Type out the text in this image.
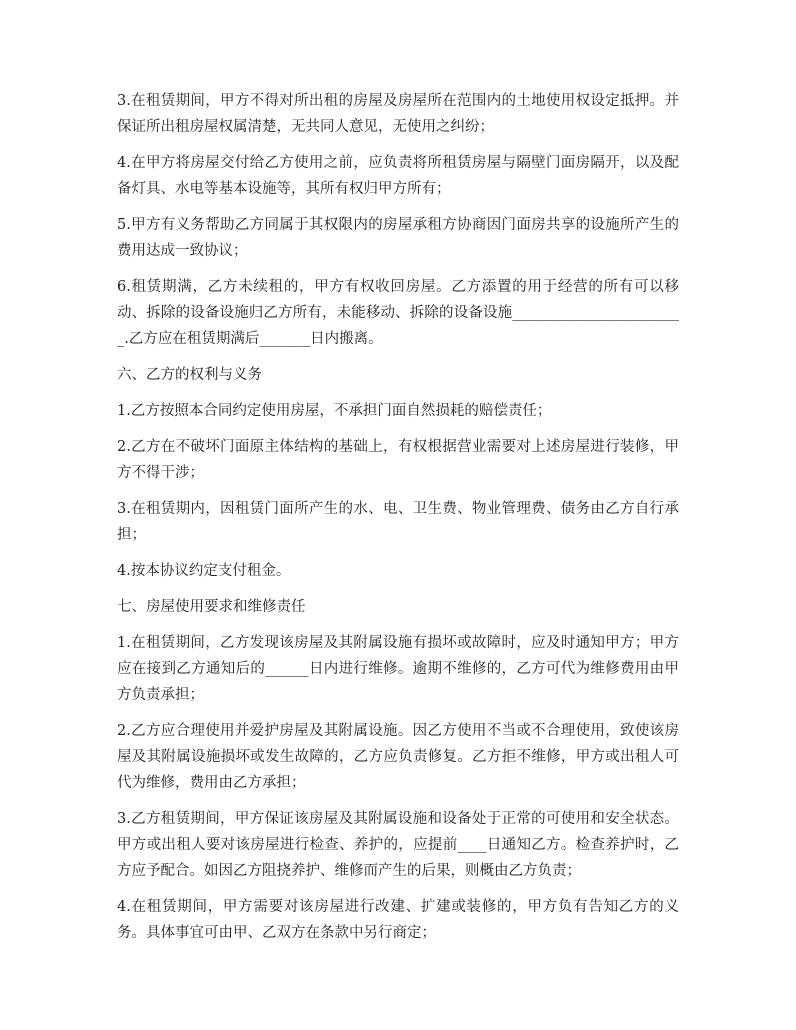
3.在租赁期间，甲方不得对所出租的房屋及房屋所在范围内的土地使用权设定抵押。并保证所出租房屋权属清楚，无共同人意见，无使用之纠纷；

4.在甲方将房屋交付给乙方使用之前，应负责将所租赁房屋与隔壁门面房隔开，以及配备灯具、水电等基本设施等，其所有权归甲方所有；

5.甲方有义务帮助乙方同属于其权限内的房屋承租方协商因门面房共享的设施所产生的费用达成一致协议；

6.租赁期满，乙方未续租的，甲方有权收回房屋。乙方添置的用于经营的所有可以移动、拆除的设备设施归乙方所有，未能移动、拆除的设备设施________________________.乙方应在租赁期满后_______日内搬离。

六、乙方的权利与义务

1.乙方按照本合同约定使用房屋，不承担门面自然损耗的赔偿责任；

2.乙方在不破坏门面原主体结构的基础上，有权根据营业需要对上述房屋进行装修，甲方不得干涉；

3.在租赁期内，因租赁门面所产生的水、电、卫生费、物业管理费、债务由乙方自行承担；

4.按本协议约定支付租金。

七、房屋使用要求和维修责任

1.在租赁期间，乙方发现该房屋及其附属设施有损坏或故障时，应及时通知甲方；甲方应在接到乙方通知后的______日内进行维修。逾期不维修的，乙方可代为维修费用由甲方负责承担；

2.乙方应合理使用并爱护房屋及其附属设施。因乙方使用不当或不合理使用，致使该房屋及其附属设施损坏或发生故障的，乙方应负责修复。乙方拒不维修，甲方或出租人可代为维修，费用由乙方承担；

3.乙方租赁期间，甲方保证该房屋及其附属设施和设备处于正常的可使用和安全状态。甲方或出租人要对该房屋进行检查、养护的，应提前____日通知乙方。检查养护时，乙方应予配合。如因乙方阻挠养护、维修而产生的后果，则概由乙方负责；

4.在租赁期间，甲方需要对该房屋进行改建、扩建或装修的，甲方负有告知乙方的义务。具体事宜可由甲、乙双方在条款中另行商定；
